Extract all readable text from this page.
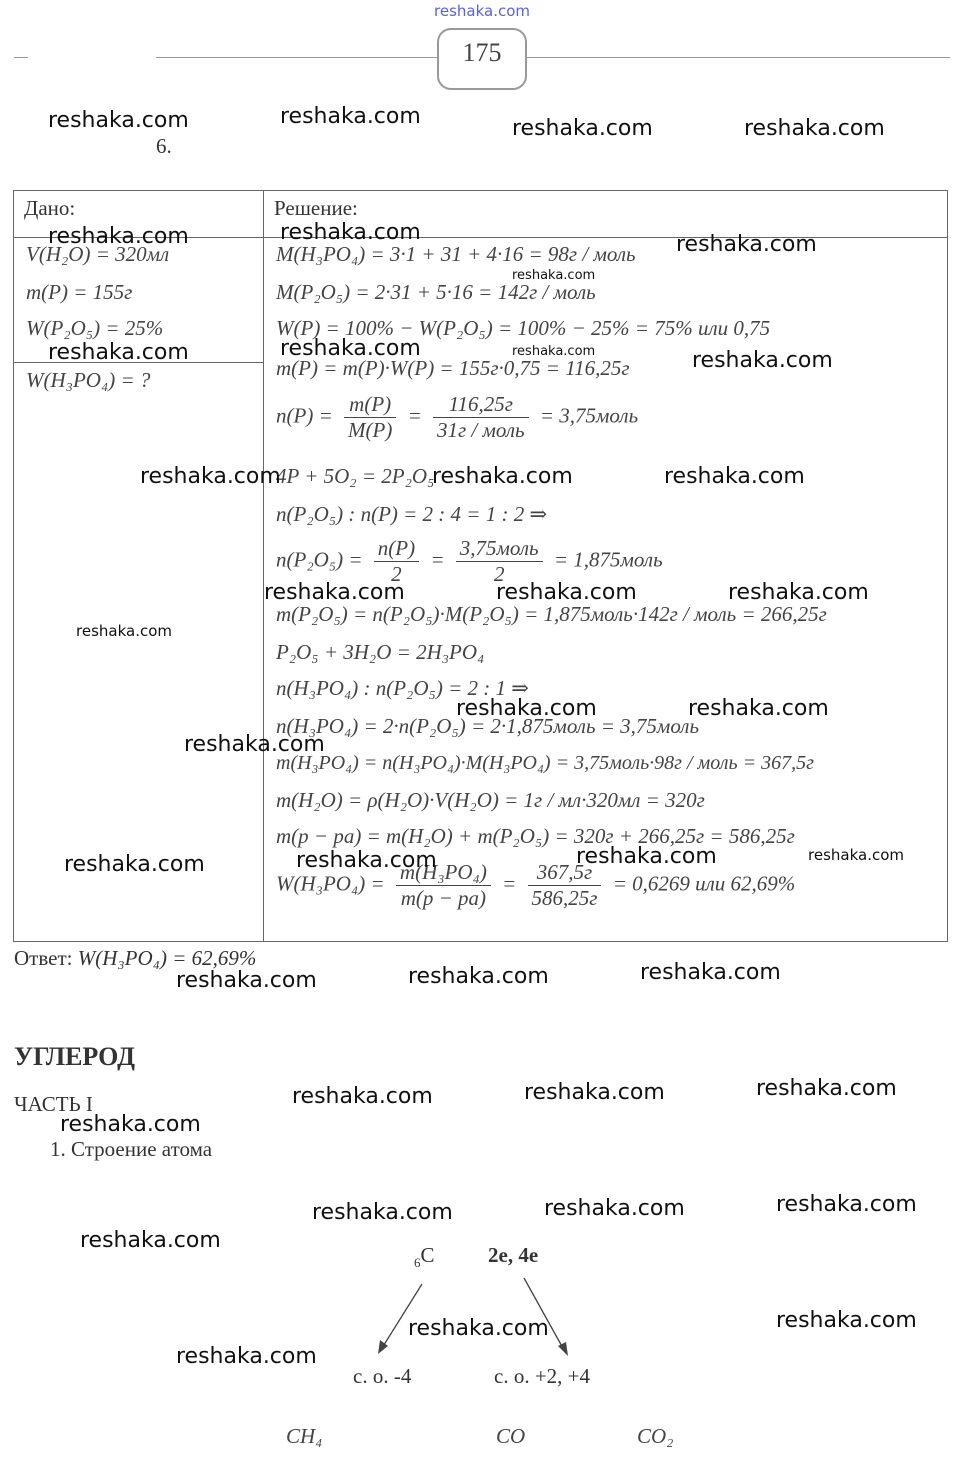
reshaka.com
175
6.
Дано:	Решение:
V(H₂O) = 320мл
m(P) = 155г
W(P₂O₅) = 25%
W(H₃PO₄) = ?
M(H₃PO₄) = 3·1 + 31 + 4·16 = 98г / моль
M(P₂O₅) = 2·31 + 5·16 = 142г / моль
W(P) = 100% − W(P₂O₅) = 100% − 25% = 75% или 0,75
m(P) = m(P)·W(P) = 155г·0,75 = 116,25г
$n(P) = \frac{m(P)}{M(P)} = \frac{116,25г}{\text{31г / моль}}$ = 3,75моль
4P + 5O₂ = 2P₂O₅
n(P₂O₅) : n(P) = 2 : 4 = 1 : 2 ⇒
$n(P_2O_5) = \frac{n(P)}{2} = \frac{\text{3,75моль}}{2}$ = 1,875моль
m(P₂O₅) = n(P₂O₅)·M(P₂O₅) = 1,875моль·142г / моль = 266,25г
P₂O₅ + 3H₂O = 2H₃PO₄
n(H₃PO₄) : n(P₂O₅) = 2 : 1 ⇒
n(H₃PO₄) = 2·n(P₂O₅) = 2·1,875моль = 3,75моль
m(H₃PO₄) = n(H₃PO₄)·M(H₃PO₄) = 3,75моль·98г / моль = 367,5г
m(H₂O) = ρ(H₂O)·V(H₂O) = 1г / мл·320мл = 320г
m(p − pa) = m(H₂O) + m(P₂O₅) = 320г + 266,25г = 586,25г
$W(H_3PO_4) = \frac{\text{m(H₃PO₄)}}{m(p - pa)} = \frac{367,5г}{586,25г} = 0,6269$ или 62,69%
Ответ: W(H₃PO₄) = 62,69%
УГЛЕРОД
ЧАСТЬ I
1. Строение атома
$_6$C	2e, 4e
с. о. -4	с. о. +2, +4
CH₄	CO	CO₂
reshaka.com	reshaka.com	reshaka.com	reshaka.com
reshaka.com	reshaka.com	reshaka.com
reshaka.com
reshaka.com	reshaka.com	reshaka.com	reshaka.com
reshaka.com	reshaka.com	reshaka.com
reshaka.com	reshaka.com	reshaka.com
reshaka.com
reshaka.com	reshaka.com
reshaka.com
reshaka.com	reshaka.com	reshaka.com	reshaka.com
reshaka.com	reshaka.com	reshaka.com
reshaka.com	reshaka.com	reshaka.com
reshaka.com
reshaka.com	reshaka.com	reshaka.com
reshaka.com
reshaka.com	reshaka.com
reshaka.com
